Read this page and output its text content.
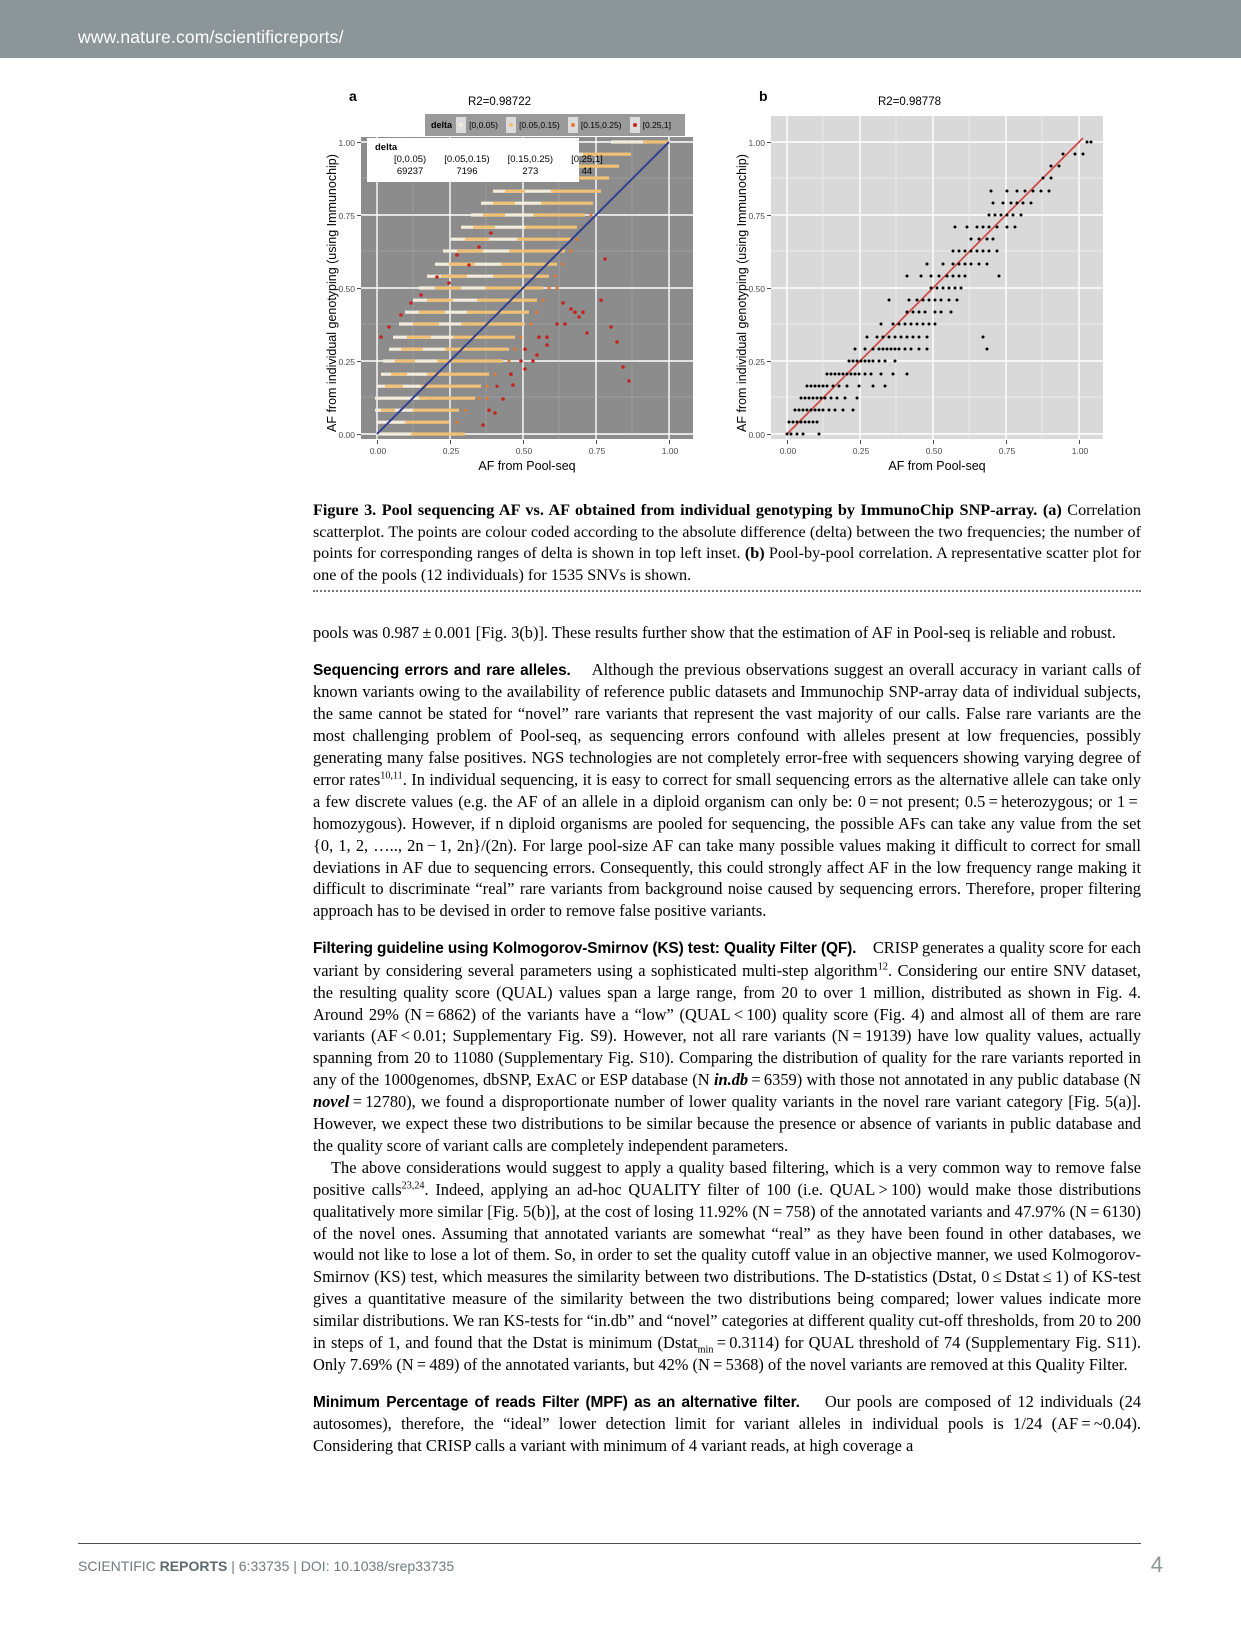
www.nature.com/scientificreports/
a	R2=0.98722
delta [0,0.05) [0.05,0.15) [0.15,0.25) [0.25,1]
AF from individual genotyping (using Immunochip)
1.00
0.75
0.50
0.25
0.00
delta
[0,0.05)	[0.05,0.15)	[0.15,0.25)	[0.25,1]
69237	7196	273	44
0.00	0.25	0.50	0.75	1.00
AF from Pool-seq
b	R2=0.98778
AF from individual genotyping (using Immunochip)
1.00
0.75
0.50
0.25
0.00
0.00	0.25	0.50	0.75	1.00
AF from Pool-seq
Figure 3. Pool sequencing AF vs. AF obtained from individual genotyping by ImmunoChip SNP-array. (a) Correlation scatterplot. The points are colour coded according to the absolute difference (delta) between the two frequencies; the number of points for corresponding ranges of delta is shown in top left inset. (b) Pool-by-pool correlation. A representative scatter plot for one of the pools (12 individuals) for 1535 SNVs is shown.

pools was 0.987 ± 0.001 [Fig. 3(b)]. These results further show that the estimation of AF in Pool-seq is reliable and robust.

Sequencing errors and rare alleles. Although the previous observations suggest an overall accuracy in variant calls of known variants owing to the availability of reference public datasets and Immunochip SNP-array data of individual subjects, the same cannot be stated for “novel” rare variants that represent the vast majority of our calls. False rare variants are the most challenging problem of Pool-seq, as sequencing errors confound with alleles present at low frequencies, possibly generating many false positives. NGS technologies are not completely error-free with sequencers showing varying degree of error rates$^{10,11}$. In individual sequencing, it is easy to correct for small sequencing errors as the alternative allele can take only a few discrete values (e.g. the AF of an allele in a diploid organism can only be: 0 = not present; 0.5 = heterozygous; or 1 = homozygous). However, if n diploid organisms are pooled for sequencing, the possible AFs can take any value from the set {0, 1, 2, ….., 2n − 1, 2n}/(2n). For large pool-size AF can take many possible values making it difficult to correct for small deviations in AF due to sequencing errors. Consequently, this could strongly affect AF in the low frequency range making it difficult to discriminate “real” rare variants from background noise caused by sequencing errors. Therefore, proper filtering approach has to be devised in order to remove false positive variants.

Filtering guideline using Kolmogorov-Smirnov (KS) test: Quality Filter (QF). CRISP generates a quality score for each variant by considering several parameters using a sophisticated multi-step algorithm$^{12}$. Considering our entire SNV dataset, the resulting quality score (QUAL) values span a large range, from 20 to over 1 million, distributed as shown in Fig. 4. Around 29% (N = 6862) of the variants have a “low” (QUAL < 100) quality score (Fig. 4) and almost all of them are rare variants (AF < 0.01; Supplementary Fig. S9). However, not all rare variants (N = 19139) have low quality values, actually spanning from 20 to 11080 (Supplementary Fig. S10). Comparing the distribution of quality for the rare variants reported in any of the 1000genomes, dbSNP, ExAC or ESP database (N in.db = 6359) with those not annotated in any public database (N novel = 12780), we found a disproportionate number of lower quality variants in the novel rare variant category [Fig. 5(a)]. However, we expect these two distributions to be similar because the presence or absence of variants in public database and the quality score of variant calls are completely independent parameters.

The above considerations would suggest to apply a quality based filtering, which is a very common way to remove false positive calls$^{23,24}$. Indeed, applying an ad-hoc QUALITY filter of 100 (i.e. QUAL > 100) would make those distributions qualitatively more similar [Fig. 5(b)], at the cost of losing 11.92% (N = 758) of the annotated variants and 47.97% (N = 6130) of the novel ones. Assuming that annotated variants are somewhat “real” as they have been found in other databases, we would not like to lose a lot of them. So, in order to set the quality cutoff value in an objective manner, we used Kolmogorov-Smirnov (KS) test, which measures the similarity between two distributions. The D-statistics (Dstat, 0 ≤ Dstat ≤ 1) of KS-test gives a quantitative measure of the similarity between the two distributions being compared; lower values indicate more similar distributions. We ran KS-tests for “in.db” and “novel” categories at different quality cut-off thresholds, from 20 to 200 in steps of 1, and found that the Dstat is minimum (Dstat$_{min}$ = 0.3114) for QUAL threshold of 74 (Supplementary Fig. S11). Only 7.69% (N = 489) of the annotated variants, but 42% (N = 5368) of the novel variants are removed at this Quality Filter.

Minimum Percentage of reads Filter (MPF) as an alternative filter. Our pools are composed of 12 individuals (24 autosomes), therefore, the “ideal” lower detection limit for variant alleles in individual pools is 1/24 (AF = ~0.04). Considering that CRISP calls a variant with minimum of 4 variant reads, at high coverage a

SCIENTIFIC REPORTS | 6:33735 | DOI: 10.1038/srep33735	4
